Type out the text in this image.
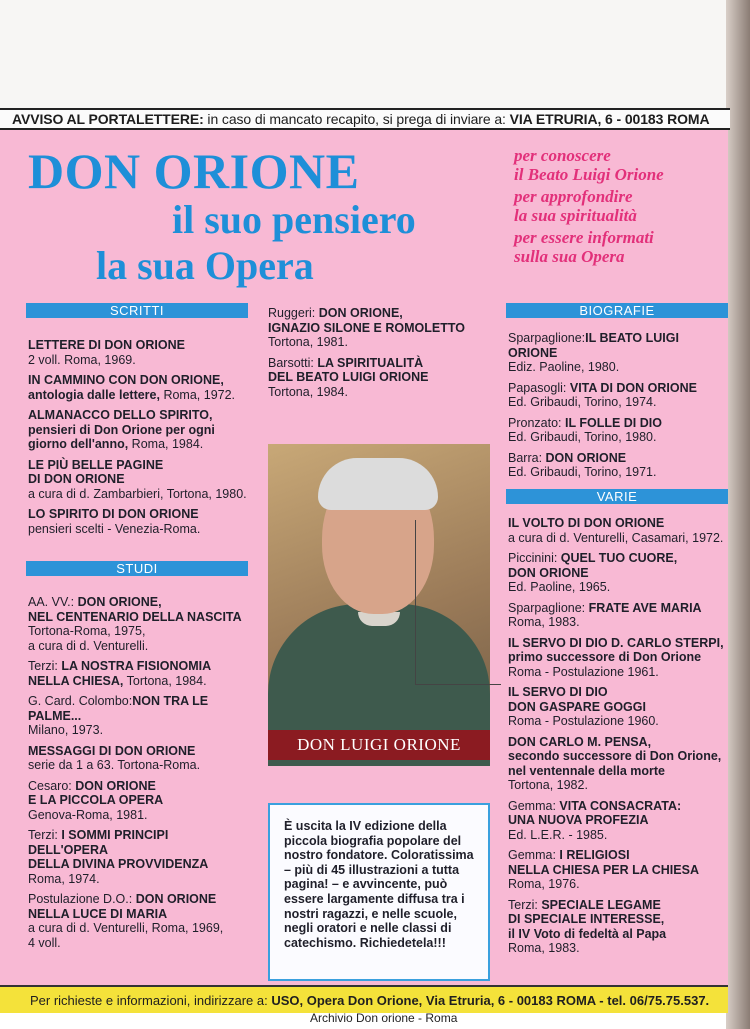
AVVISO AL PORTALETTERE: in caso di mancato recapito, si prega di inviare a: VIA ETRURIA, 6 - 00183 ROMA
DON ORIONE
il suo pensiero
la sua Opera
per conoscere
il Beato Luigi Orione
per approfondire
la sua spiritualità
per essere informati
sulla sua Opera
SCRITTI
STUDI
BIOGRAFIE
VARIE
LETTERE DI DON ORIONE
2 voll. Roma, 1969.
IN CAMMINO CON DON ORIONE,
antologia dalle lettere, Roma, 1972.
ALMANACCO DELLO SPIRITO,
pensieri di Don Orione per ogni
giorno dell'anno, Roma, 1984.
LE PIÙ BELLE PAGINE
DI DON ORIONE
a cura di d. Zambarbieri, Tortona, 1980.
LO SPIRITO DI DON ORIONE
pensieri scelti - Venezia-Roma.
AA. VV.: DON ORIONE,
NEL CENTENARIO DELLA NASCITA
Tortona-Roma, 1975,
a cura di d. Venturelli.
Terzi: LA NOSTRA FISIONOMIA
NELLA CHIESA, Tortona, 1984.
G. Card. Colombo:NON TRA LE PALME...
Milano, 1973.
MESSAGGI DI DON ORIONE
serie da 1 a 63. Tortona-Roma.
Cesaro: DON ORIONE
E LA PICCOLA OPERA
Genova-Roma, 1981.
Terzi: I SOMMI PRINCIPI
DELL'OPERA
DELLA DIVINA PROVVIDENZA
Roma, 1974.
Postulazione D.O.: DON ORIONE
NELLA LUCE DI MARIA
a cura di d. Venturelli, Roma, 1969,
4 voll.
Ruggeri: DON ORIONE,
IGNAZIO SILONE E ROMOLETTO
Tortona, 1981.
Barsotti: LA SPIRITUALITÀ
DEL BEATO LUIGI ORIONE
Tortona, 1984.
DON LUIGI ORIONE
È uscita la IV edizione della piccola biografia popolare del nostro fondatore. Coloratissima – più di 45 illustrazioni a tutta pagina! – e avvincente, può essere largamente diffusa tra i nostri ragazzi, e nelle scuole, negli oratori e nelle classi di catechismo. Richiedetela!!!
Sparpaglione:IL BEATO LUIGI ORIONE
Ediz. Paoline, 1980.
Papasogli: VITA DI DON ORIONE
Ed. Gribaudi, Torino, 1974.
Pronzato: IL FOLLE DI DIO
Ed. Gribaudi, Torino, 1980.
Barra: DON ORIONE
Ed. Gribaudi, Torino, 1971.
IL VOLTO DI DON ORIONE
a cura di d. Venturelli, Casamari, 1972.
Piccinini: QUEL TUO CUORE,
DON ORIONE
Ed. Paoline, 1965.
Sparpaglione: FRATE AVE MARIA
Roma, 1983.
IL SERVO DI DIO D. CARLO STERPI,
primo successore di Don Orione
Roma - Postulazione 1961.
IL SERVO DI DIO
DON GASPARE GOGGI
Roma - Postulazione 1960.
DON CARLO M. PENSA,
secondo successore di Don Orione,
nel ventennale della morte
Tortona, 1982.
Gemma: VITA CONSACRATA:
UNA NUOVA PROFEZIA
Ed. L.E.R. - 1985.
Gemma: I RELIGIOSI
NELLA CHIESA PER LA CHIESA
Roma, 1976.
Terzi: SPECIALE LEGAME
DI SPECIALE INTERESSE,
il IV Voto di fedeltà al Papa
Roma, 1983.
Per richieste e informazioni, indirizzare a: USO, Opera Don Orione, Via Etruria, 6 - 00183 ROMA - tel. 06/75.75.537.
Archivio Don orione - Roma
